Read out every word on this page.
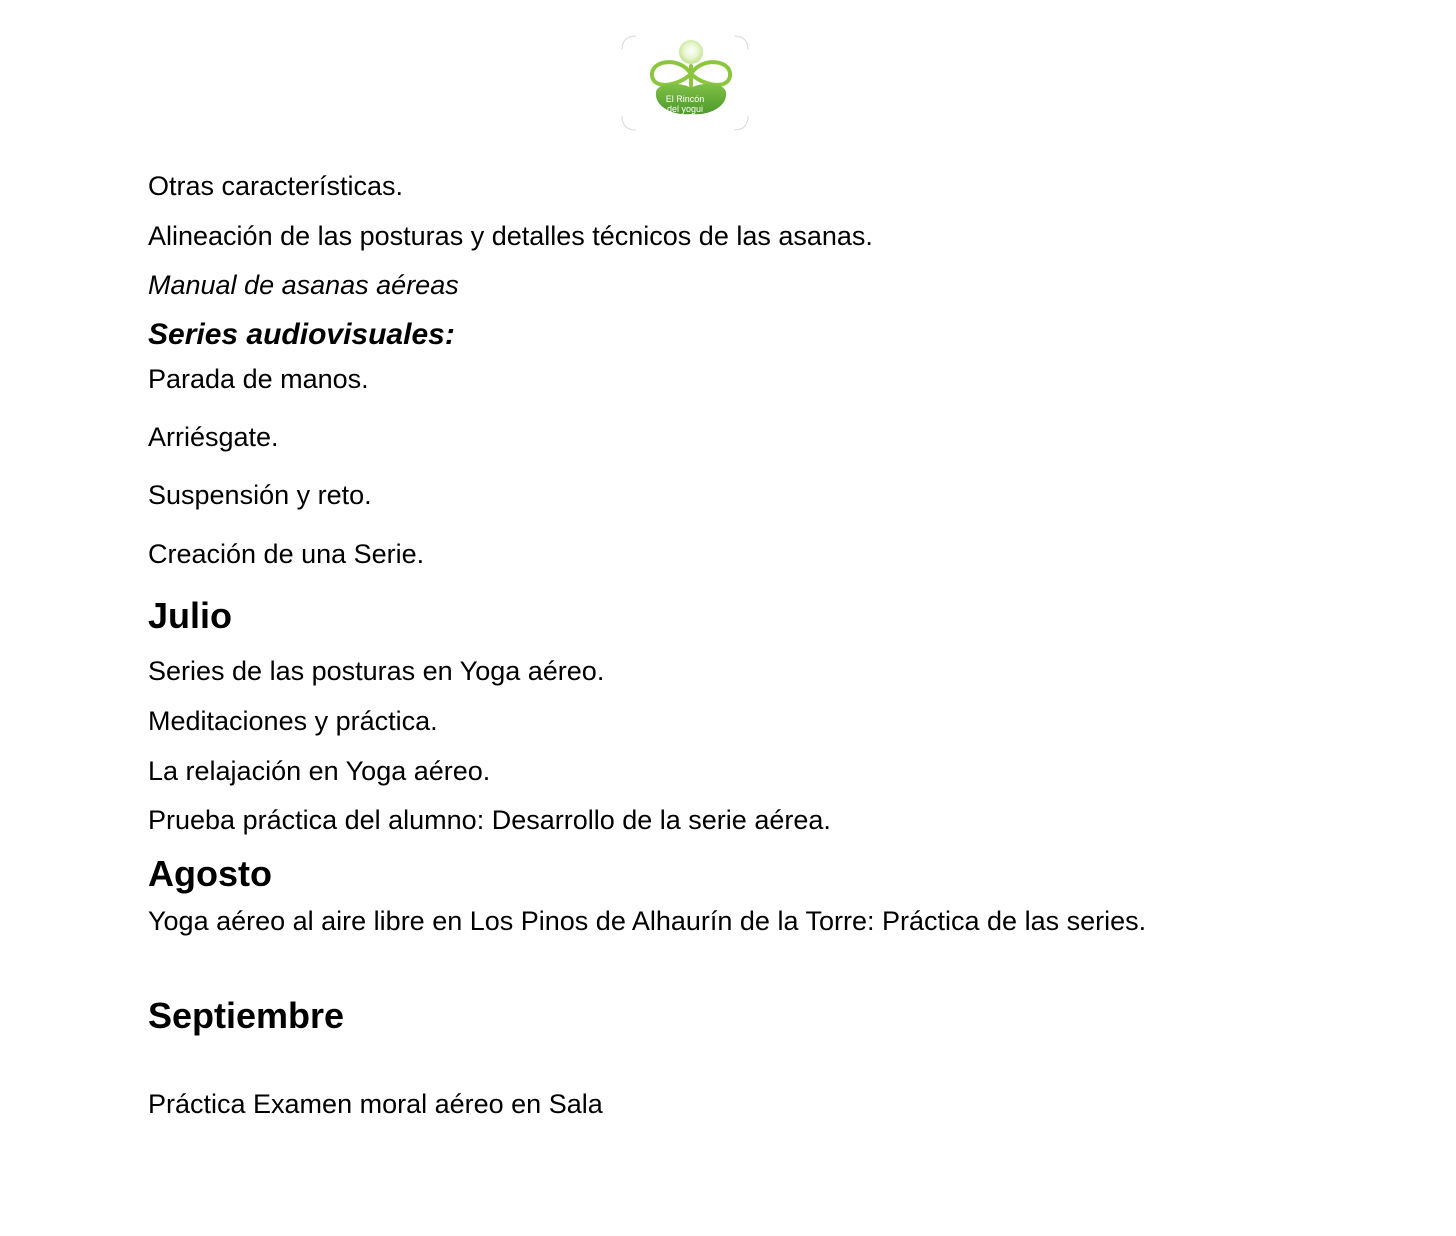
El Rincón
del yogui

Otras características.

Alineación de las posturas y detalles técnicos de las asanas.

Manual de asanas aéreas

Series audiovisuales:

Parada de manos.

Arriésgate.

Suspensión y reto.

Creación de una Serie.

Julio

Series de las posturas en Yoga aéreo.

Meditaciones y práctica.

La relajación en Yoga aéreo.

Prueba práctica del alumno: Desarrollo de la serie aérea.

Agosto

Yoga aéreo al aire libre en Los Pinos de Alhaurín de la Torre: Práctica de las series.

Septiembre

Práctica Examen moral aéreo en Sala
